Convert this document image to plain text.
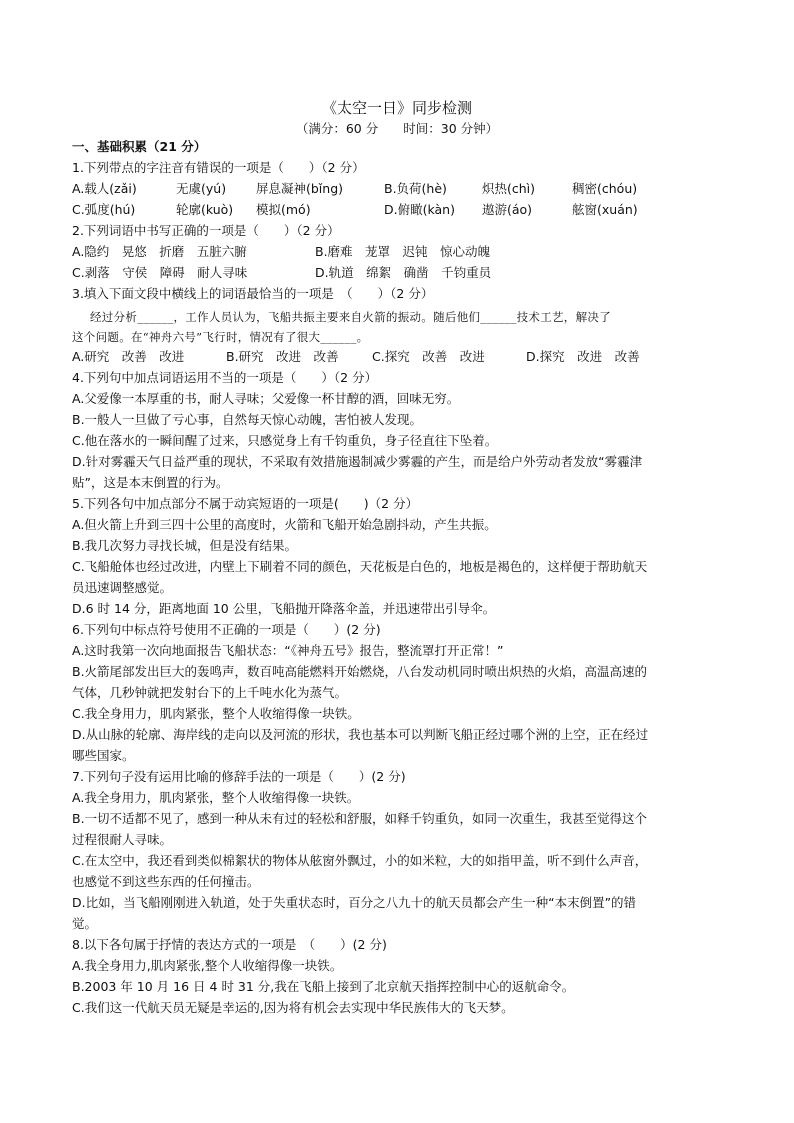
《太空一日》同步检测
（满分：60 分　　时间：30 分钟）
一、基础积累（21 分）
1.下列带点的字注音有错误的一项是（　　）（2 分）
A.载人(zǎi)	无虞(yú)	屏息凝神(bǐng)	B.负荷(hè)	炽热(chì)	稠密(chóu)
C.弧度(hú)	轮廓(kuò)	模拟(mó)	D.俯瞰(kàn)	遨游(áo)	舷窗(xuán)
2.下列词语中书写正确的一项是（　　）（2 分）
A.隐约　晃悠　折磨　五脏六腑	B.磨难　茏罩　迟钝　惊心动魄
C.剥落　守侯　障碍　耐人寻味	D.轨道　绵絮　确凿　千钧重员
3.填入下面文段中横线上的词语最恰当的一项是　（　　）（2 分）
经过分析______，工作人员认为，飞船共振主要来自火箭的振动。随后他们______技术工艺，解决了
这个问题。在“神舟六号”飞行时，情况有了很大______。
A.研究　改善　改进	B.研究　改进　改善	C.探究　改善　改进	D.探究　改进　改善
4.下列句中加点词语运用不当的一项是（　　）（2 分）
A.父爱像一本厚重的书，耐人寻味；父爱像一杯甘醇的酒，回味无穷。
B.一般人一旦做了亏心事，自然每天惊心动魄，害怕被人发现。
C.他在落水的一瞬间醒了过来，只感觉身上有千钧重负，身子径直往下坠着。
D.针对雾霾天气日益严重的现状，不采取有效措施遏制减少雾霾的产生，而是给户外劳动者发放“雾霾津
贴”，这是本末倒置的行为。
5.下列各句中加点部分不属于动宾短语的一项是(　　)（2 分）
A.但火箭上升到三四十公里的高度时，火箭和飞船开始急剧抖动，产生共振。
B.我几次努力寻找长城，但是没有结果。
C.飞船舱体也经过改进，内壁上下刷着不同的颜色，天花板是白色的，地板是褐色的，这样便于帮助航天
员迅速调整感觉。
D.6 时 14 分，距离地面 10 公里，飞船抛开降落伞盖，并迅速带出引导伞。
6.下列句中标点符号使用不正确的一项是（　　）(2 分)
A.这时我第一次向地面报告飞船状态：“《神舟五号》报告，整流罩打开正常！”
B.火箭尾部发出巨大的轰鸣声，数百吨高能燃料开始燃烧，八台发动机同时喷出炽热的火焰，高温高速的
气体，几秒钟就把发射台下的上千吨水化为蒸气。
C.我全身用力，肌肉紧张，整个人收缩得像一块铁。
D.从山脉的轮廓、海岸线的走向以及河流的形状，我也基本可以判断飞船正经过哪个洲的上空，正在经过
哪些国家。
7.下列句子没有运用比喻的修辞手法的一项是（　　）(2 分)
A.我全身用力，肌肉紧张，整个人收缩得像一块铁。
B.一切不适都不见了，感到一种从未有过的轻松和舒服，如释千钧重负，如同一次重生，我甚至觉得这个
过程很耐人寻味。
C.在太空中，我还看到类似棉絮状的物体从舷窗外飘过，小的如米粒，大的如指甲盖，听不到什么声音，
也感觉不到这些东西的任何撞击。
D.比如，当飞船刚刚进入轨道，处于失重状态时，百分之八九十的航天员都会产生一种“本末倒置”的错
觉。
8.以下各句属于抒情的表达方式的一项是　（　　）(2 分)
A.我全身用力,肌肉紧张,整个人收缩得像一块铁。
B.2003 年 10 月 16 日 4 时 31 分,我在飞船上接到了北京航天指挥控制中心的返航命令。
C.我们这一代航天员无疑是幸运的,因为将有机会去实现中华民族伟大的飞天梦。
